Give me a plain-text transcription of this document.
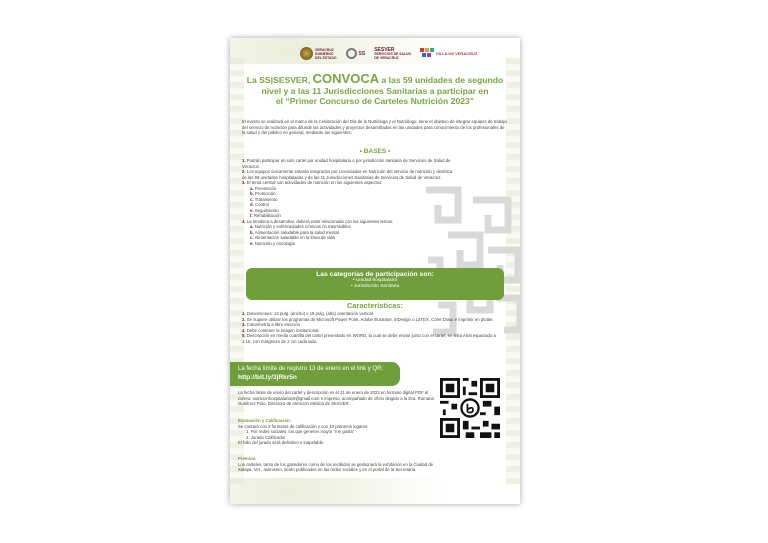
VERACRUZ
GOBIERNO
DEL ESTADO
SS
SESVER
SERVICIOS DE SALUD
DE VERACRUZ
VILLA DE VERACRUZ
La SS|SESVER, CONVOCA a las 59 unidades de segundo
nivel y a las 11 Jurisdicciones Sanitarias a participar en
el “Primer Concurso de Carteles Nutrición 2023”
El evento se realizará en el marco de la Celebración del Día de la Nutrióloga y el Nutriólogo, tiene el objetivo de integrar equipos de trabajo del servicio de nutrición para difundir las actividades y proyectos desarrollados en las unidades para conocimiento de los profesionales de la salud y del público en general, mediante las siguientes:
• BASES •
1. Podrán participar un solo cartel por unidad hospitalaria o por jurisdicción sanitaria de Servicios de Salud de Veracruz.
2. Los equipos únicamente estarán integrados por Licenciados en Nutrición del servicio de nutrición y dietética de las 59 unidades hospitalarias y de las 11 Jurisdicciones Sanitarias de Servicios de Salud de Veracruz.
3. El tema central son actividades de nutrición en los siguientes aspectos:
a. Prevención
b. Promoción
c. Tratamiento
d. Control
e. Seguimiento
f. Rehabilitación
4. La temática a desarrollar, deberá estar relacionada con los siguientes temas:
a. Nutrición y enfermedades crónicas no trasmisibles
b. Alimentación saludable para la salud mental
c. Alimentación saludable en la línea de vida
e. Nutrición y oncología
Las categorías de participación son:
• Unidad hospitalaria
• Jurisdicción Sanitaria
Características:
1. Dimensiones: 13 pulg. (ancho) x 19 pulg. (alto) orientación vertical
2. Se sugiere utilizar los programas de Microsoft Power Point, Adobe Illustrator, InDesign o LaTEX, Corel Draw, e imprimir en plotter.
3. Colorimetría a libre elección
4. Debe contener la imagen institucional
5. Descripción en media cuartilla del cartel presentado en WORD, la cual se debe enviar junto con el cartel, en letra Arial espaciado a 1.15, con márgenes de 2 cm cada lado.
La fecha límite de registro 13 de enero en el link y QR:
http://bit.ly/3jRkr5n
La fecha límite de envío del cartel y descripción es el 21 de enero de 2023 en formato digital PDF al correo: nutricionhospitalaria19@gmail.com e impreso, acompañado de oficio dirigido a la Dra. Romana Gutiérrez Polo, Directora de Atención Médica de SESVER.
Evaluación y Calificación:
Se contará con 2 formatos de calificación y con 10 primeros lugares:
1. Por redes sociales: los que generen mayor “me gusta”
2. Jurado Calificador
El fallo del jurado será definitivo e inapelable.
Premios:
Los carteles, tanto de los ganadores como de los recibidos se gestionará la exhibición en la Ciudad de Xalapa, Ver., asimismo, serán publicados en las redes sociales y en el portal de la Secretaría.
